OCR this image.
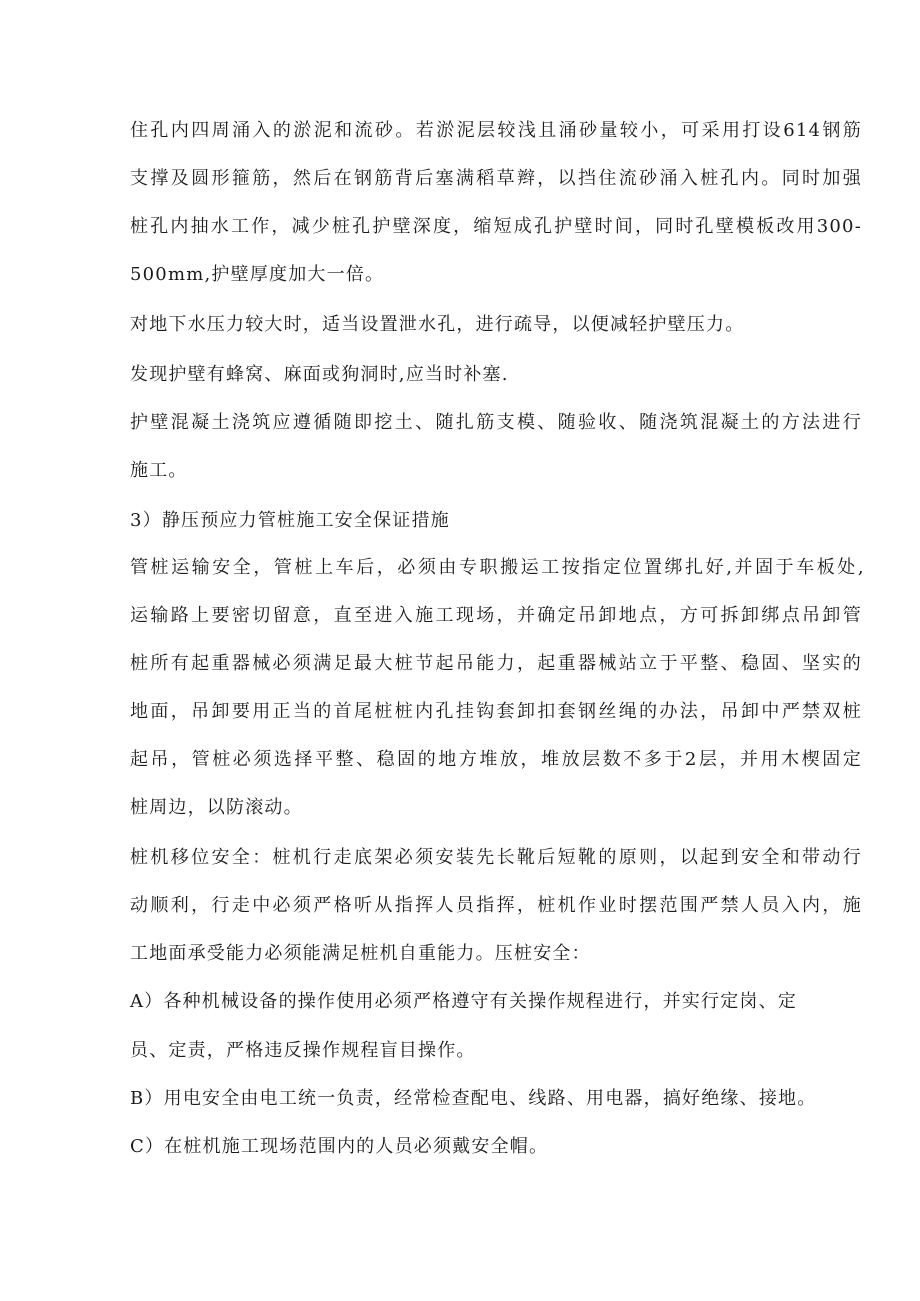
住孔内四周涌入的淤泥和流砂。若淤泥层较浅且涌砂量较小，可采用打设614钢筋
支撑及圆形箍筋，然后在钢筋背后塞满稻草辫，以挡住流砂涌入桩孔内。同时加强
桩孔内抽水工作，减少桩孔护壁深度，缩短成孔护壁时间，同时孔壁模板改用300-
500mm,护壁厚度加大一倍。
对地下水压力较大时，适当设置泄水孔，进行疏导，以便减轻护壁压力。
发现护壁有蜂窝、麻面或狗洞时,应当时补塞.
护壁混凝土浇筑应遵循随即挖土、随扎筋支模、随验收、随浇筑混凝土的方法进行
施工。
3）静压预应力管桩施工安全保证措施
管桩运输安全，管桩上车后，必须由专职搬运工按指定位置绑扎好,并固于车板处,
运输路上要密切留意，直至进入施工现场，并确定吊卸地点，方可拆卸绑点吊卸管
桩所有起重器械必须满足最大桩节起吊能力，起重器械站立于平整、稳固、坚实的
地面，吊卸要用正当的首尾桩桩内孔挂钩套卸扣套钢丝绳的办法，吊卸中严禁双桩
起吊，管桩必须选择平整、稳固的地方堆放，堆放层数不多于2层，并用木楔固定
桩周边，以防滚动。
桩机移位安全：桩机行走底架必须安装先长靴后短靴的原则，以起到安全和带动行
动顺利，行走中必须严格听从指挥人员指挥，桩机作业时摆范围严禁人员入内，施
工地面承受能力必须能满足桩机自重能力。压桩安全：
A）各种机械设备的操作使用必须严格遵守有关操作规程进行，并实行定岗、定
员、定责，严格违反操作规程盲目操作。
B）用电安全由电工统一负责，经常检查配电、线路、用电器，搞好绝缘、接地。
C）在桩机施工现场范围内的人员必须戴安全帽。
